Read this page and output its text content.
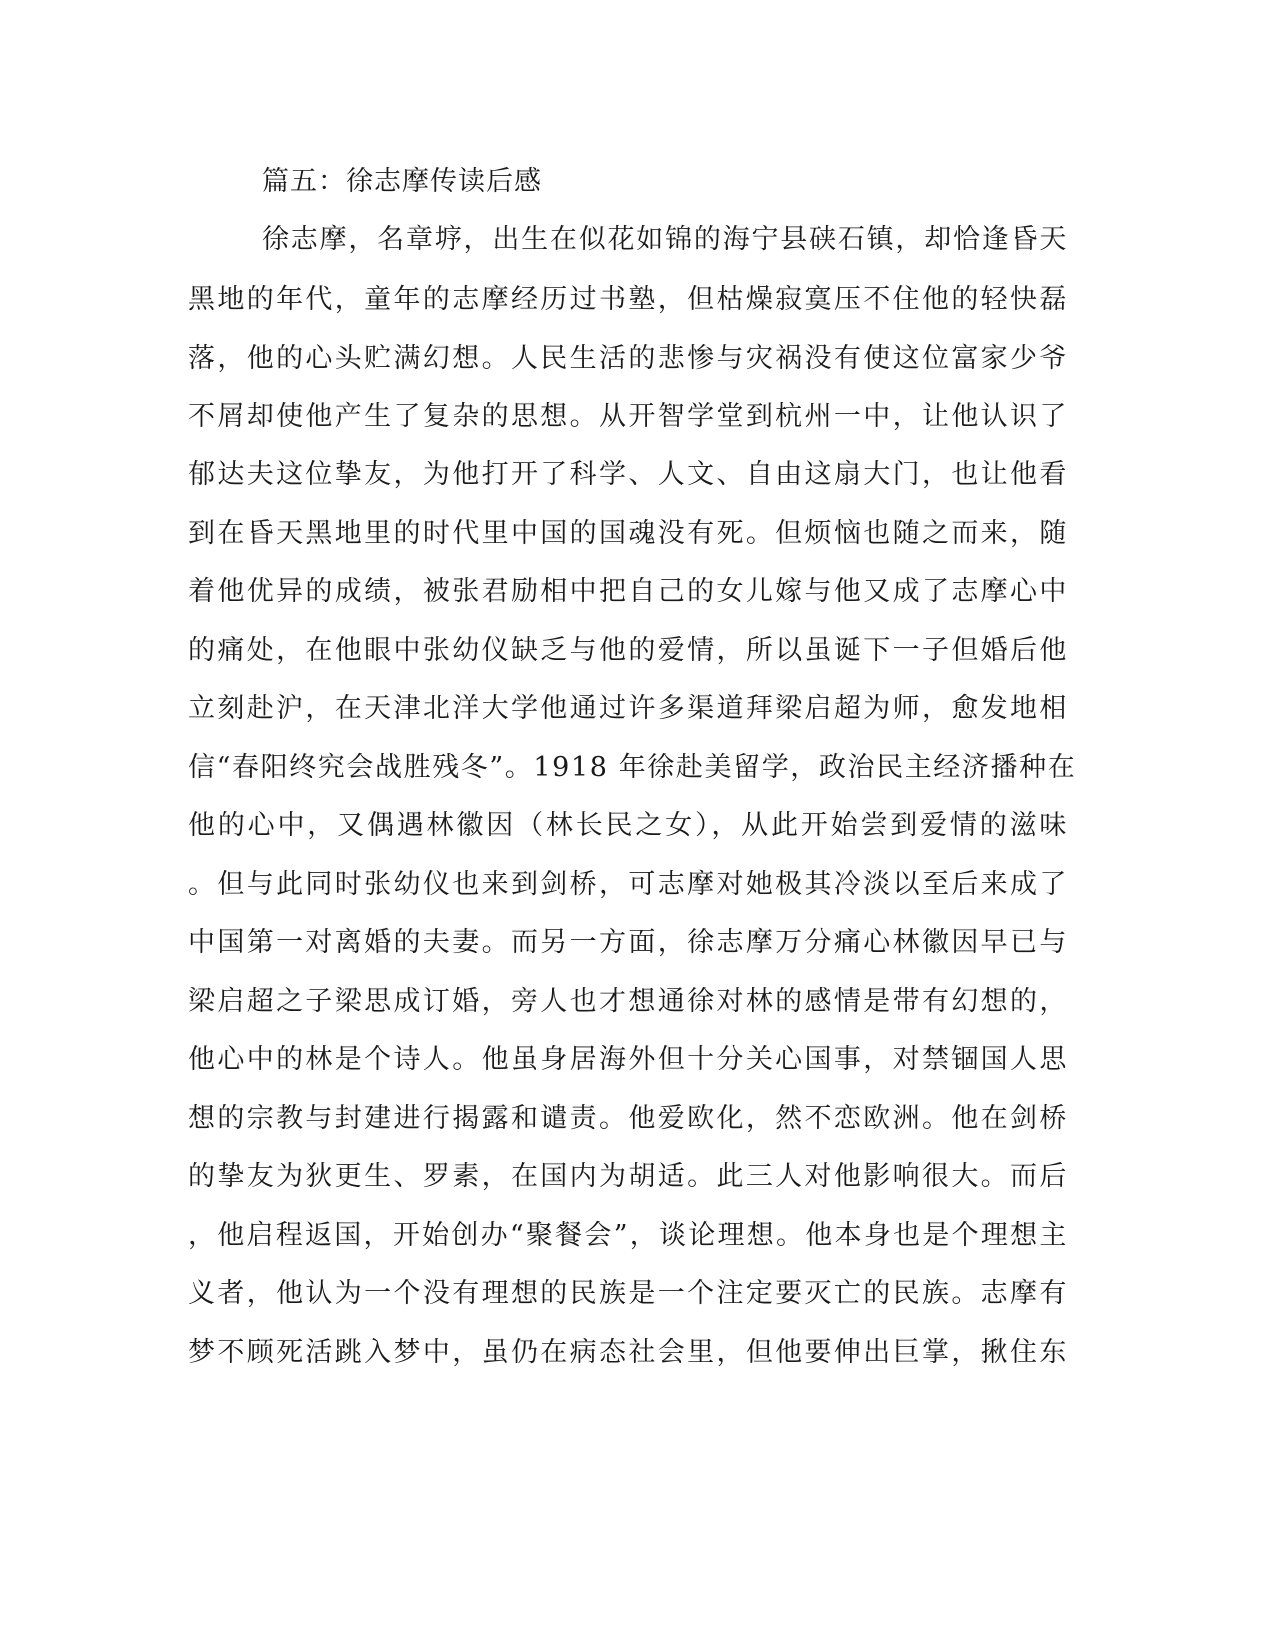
篇五：徐志摩传读后感
徐志摩，名章垿，出生在似花如锦的海宁县硖石镇，却恰逢昏天
黑地的年代，童年的志摩经历过书塾，但枯燥寂寞压不住他的轻快磊
落，他的心头贮满幻想。人民生活的悲惨与灾祸没有使这位富家少爷
不屑却使他产生了复杂的思想。从开智学堂到杭州一中，让他认识了
郁达夫这位挚友，为他打开了科学、人文、自由这扇大门，也让他看
到在昏天黑地里的时代里中国的国魂没有死。但烦恼也随之而来，随
着他优异的成绩，被张君励相中把自己的女儿嫁与他又成了志摩心中
的痛处，在他眼中张幼仪缺乏与他的爱情，所以虽诞下一子但婚后他
立刻赴沪，在天津北洋大学他通过许多渠道拜梁启超为师，愈发地相
信“春阳终究会战胜残冬”。1918 年徐赴美留学，政治民主经济播种在
他的心中，又偶遇林徽因（林长民之女），从此开始尝到爱情的滋味
。但与此同时张幼仪也来到剑桥，可志摩对她极其冷淡以至后来成了
中国第一对离婚的夫妻。而另一方面，徐志摩万分痛心林徽因早已与
梁启超之子梁思成订婚，旁人也才想通徐对林的感情是带有幻想的，
他心中的林是个诗人。他虽身居海外但十分关心国事，对禁锢国人思
想的宗教与封建进行揭露和谴责。他爱欧化，然不恋欧洲。他在剑桥
的挚友为狄更生、罗素，在国内为胡适。此三人对他影响很大。而后
，他启程返国，开始创办“聚餐会”，谈论理想。他本身也是个理想主
义者，他认为一个没有理想的民族是一个注定要灭亡的民族。志摩有
梦不顾死活跳入梦中，虽仍在病态社会里，但他要伸出巨掌，揪住东
